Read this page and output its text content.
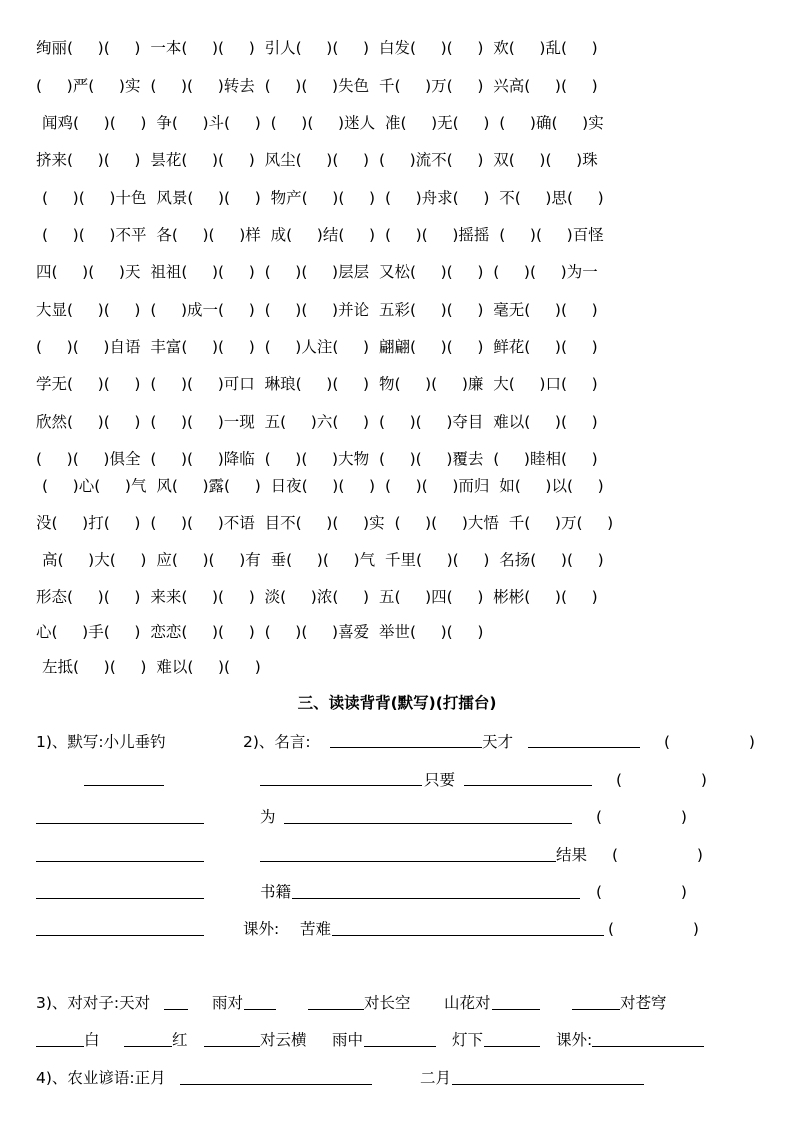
绚丽(     )(     )  一本(     )(     )  引人(     )(     )  白发(     )(     )  欢(     )乱(     )
(     )严(     )实  (     )(     )转去  (     )(     )失色  千(     )万(     )  兴高(     )(     )
闻鸡(     )(     )  争(     )斗(     )  (     )(     )迷人  准(     )无(     )  (     )确(     )实
挤来(     )(     )  昙花(     )(     )  风尘(     )(     )  (     )流不(     )  双(     )(     )珠
(     )(     )十色  风景(     )(     )  物产(     )(     )  (     )舟求(     )  不(     )思(     )
(     )(     )不平  各(     )(     )样  成(     )结(     )  (     )(     )摇摇  (     )(     )百怪
四(     )(     )天  祖祖(     )(     )  (     )(     )层层  又松(     )(     )  (     )(     )为一
大显(     )(     )  (     )成一(     )  (     )(     )并论  五彩(     )(     )  毫无(     )(     )
(     )(     )自语  丰富(     )(     )  (     )人注(     )  翩翩(     )(     )  鲜花(     )(     )
学无(     )(     )  (     )(     )可口  琳琅(     )(     )  物(     )(     )廉  大(     )口(     )
欣然(     )(     )  (     )(     )一现  五(     )六(     )  (     )(     )夺目  难以(     )(     )
(     )(     )俱全  (     )(     )降临  (     )(     )大物  (     )(     )覆去  (     )睦相(     )
(     )心(     )气  风(     )露(     )  日夜(     )(     )  (     )(     )而归  如(     )以(     )
没(     )打(     )  (     )(     )不语  目不(     )(     )实  (     )(     )大悟  千(     )万(     )
高(     )大(     )  应(     )(     )有  垂(     )(     )气  千里(     )(     )  名扬(     )(     )
形态(     )(     )  来来(     )(     )  淡(     )浓(     )  五(     )四(     )  彬彬(     )(     )
心(     )手(     )  恋恋(     )(     )  (     )(     )喜爱  举世(     )(     )
左抵(     )(     )  难以(     )(     )
三、读读背背(默写)(打擂台)
1)、默写:小儿垂钓	2)、名言:	天才	(                )
只要	(                )
为	(                )
结果 (                )
书籍	(                )
课外: 苦难	(                )
3)、对对子:天对	雨对	对长空 山花对	对苍穹
白	红	对云横 雨中	灯下	课外:
4)、农业谚语:正月	二月
